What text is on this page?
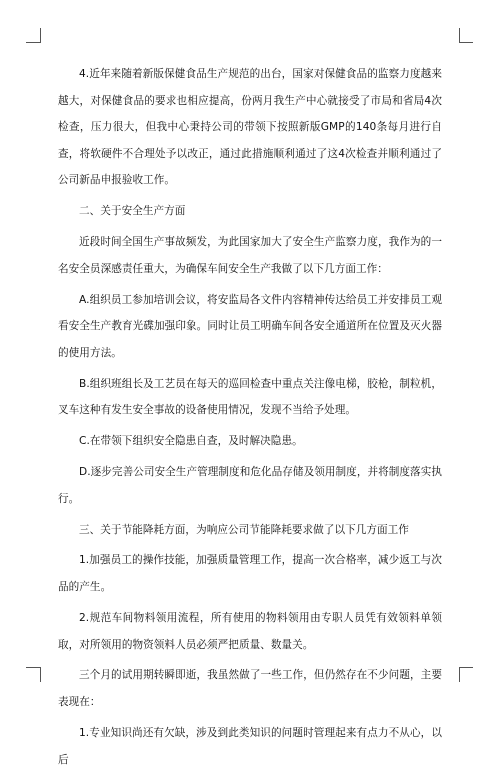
4.近年来随着新版保健食品生产规范的出台，国家对保健食品的监察力度越来越大，对保健食品的要求也相应提高，份两月我生产中心就接受了市局和省局4次检查，压力很大，但我中心秉持公司的带领下按照新版GMP的140条每月进行自查，将软硬件不合理处予以改正，通过此措施顺利通过了这4次检查并顺利通过了公司新品申报验收工作。

二、关于安全生产方面

近段时间全国生产事故频发，为此国家加大了安全生产监察力度，我作为的一名安全员深感责任重大，为确保车间安全生产我做了以下几方面工作：

A.组织员工参加培训会议，将安监局各文件内容精神传达给员工并安排员工观看安全生产教育光碟加强印象。同时让员工明确车间各安全通道所在位置及灭火器的使用方法。

B.组织班组长及工艺员在每天的巡回检查中重点关注像电梯，胶枪，制粒机，叉车这种有发生安全事故的设备使用情况，发现不当给予处理。

C.在带领下组织安全隐患自查，及时解决隐患。

D.逐步完善公司安全生产管理制度和危化品存储及领用制度，并将制度落实执行。

三、关于节能降耗方面，为响应公司节能降耗要求做了以下几方面工作

1.加强员工的操作技能，加强质量管理工作，提高一次合格率，减少返工与次品的产生。

2.规范车间物料领用流程，所有使用的物料领用由专职人员凭有效领料单领取，对所领用的物资领料人员必须严把质量、数量关。

三个月的试用期转瞬即逝，我虽然做了一些工作，但仍然存在不少问题，主要表现在：

1.专业知识尚还有欠缺，涉及到此类知识的问题时管理起来有点力不从心，以后
